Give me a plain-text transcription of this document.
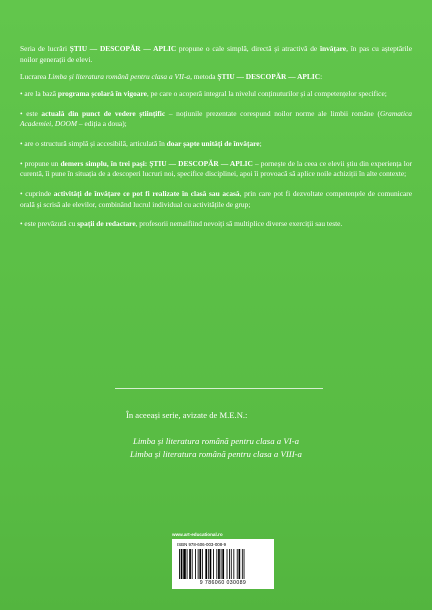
Seria de lucrări ȘTIU — DESCOPĂR — APLIC propune o cale simplă, directă și atractivă de învățare, în pas cu așteptările noilor generații de elevi.

Lucrarea Limba și literatura română pentru clasa a VII-a, metoda ȘTIU — DESCOPĂR — APLIC:

• are la bază programa școlară în vigoare, pe care o acoperă integral la nivelul conținuturilor și al competențelor specifice;

• este actuală din punct de vedere științific – noțiunile prezentate corespund noilor norme ale limbii române (Gramatica Academiei, DOOM – ediția a doua);

• are o structură simplă și accesibilă, articulată în doar șapte unități de învățare;

• propune un demers simplu, în trei pași: ȘTIU — DESCOPĂR — APLIC – pornește de la ceea ce elevii știu din experiența lor curentă, îi pune în situația de a descoperi lucruri noi, specifice disciplinei, apoi îi provoacă să aplice noile achiziții în alte contexte;

• cuprinde activități de învățare ce pot fi realizate în clasă sau acasă, prin care pot fi dezvoltate competențele de comunicare orală și scrisă ale elevilor, combinând lucrul individual cu activitățile de grup;

• este prevăzută cu spații de redactare, profesorii nemaifiind nevoiți să multiplice diverse exerciții sau teste.

În aceeași serie, avizate de M.E.N.:
Limba și literatura română pentru clasa a VI-a
Limba și literatura română pentru clasa a VIII-a
www.art-educational.ro
ISBN 978-606-003-008-9
9 786060 030089
